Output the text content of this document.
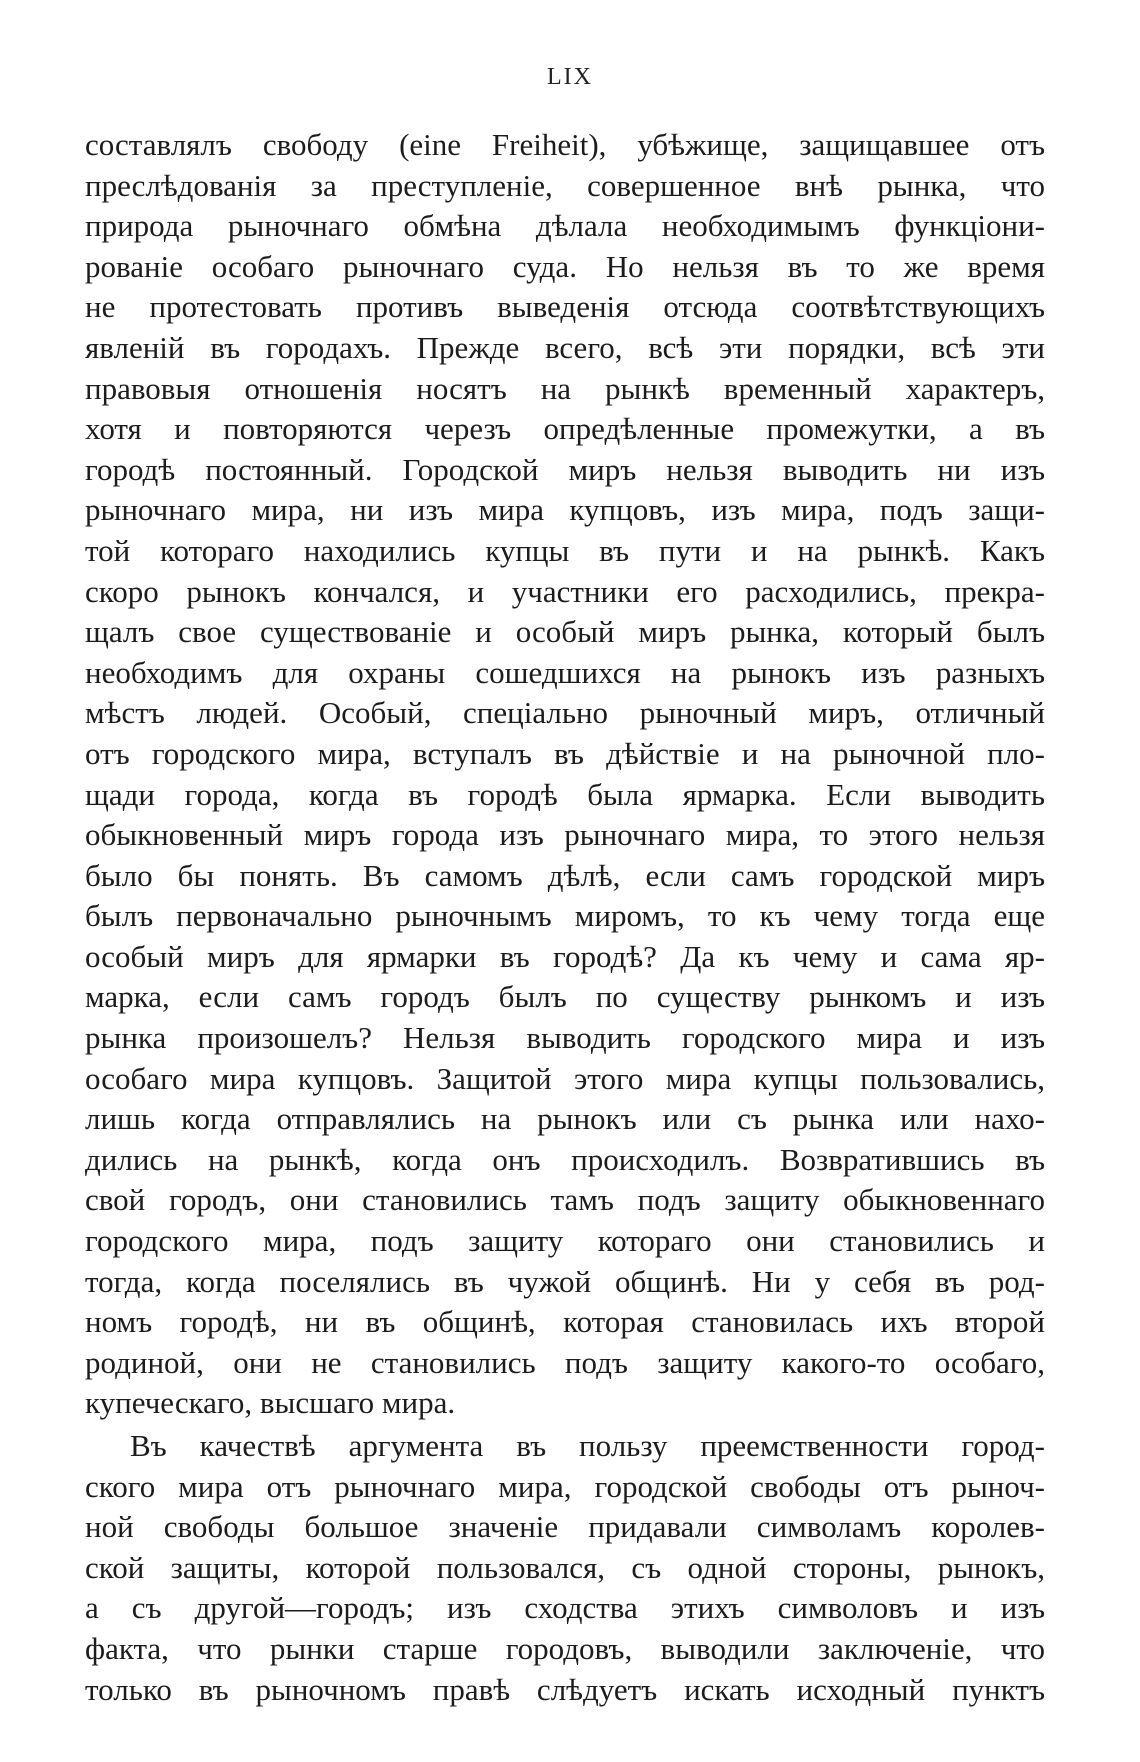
LIX
составлялъ свободу (eine Freiheit), убѣжище, защищавшее отъ
преслѣдованія за преступленіе, совершенное внѣ рынка, что
природа рыночнаго обмѣна дѣлала необходимымъ функціони-
рованіе особаго рыночнаго суда. Но нельзя въ то же время
не протестовать противъ выведенія отсюда соотвѣтствующихъ
явленій въ городахъ. Прежде всего, всѣ эти порядки, всѣ эти
правовыя отношенія носятъ на рынкѣ временный характеръ,
хотя и повторяются черезъ опредѣленные промежутки, а въ
городѣ постоянный. Городской миръ нельзя выводить ни изъ
рыночнаго мира, ни изъ мира купцовъ, изъ мира, подъ защи-
той котораго находились купцы въ пути и на рынкѣ. Какъ
скоро рынокъ кончался, и участники его расходились, прекра-
щалъ свое существованіе и особый миръ рынка, который былъ
необходимъ для охраны сошедшихся на рынокъ изъ разныхъ
мѣстъ людей. Особый, спеціально рыночный миръ, отличный
отъ городского мира, вступалъ въ дѣйствіе и на рыночной пло-
щади города, когда въ городѣ была ярмарка. Если выводить
обыкновенный миръ города изъ рыночнаго мира, то этого нельзя
было бы понять. Въ самомъ дѣлѣ, если самъ городской миръ
былъ первоначально рыночнымъ миромъ, то къ чему тогда еще
особый миръ для ярмарки въ городѣ? Да къ чему и сама яр-
марка, если самъ городъ былъ по существу рынкомъ и изъ
рынка произошелъ? Нельзя выводить городского мира и изъ
особаго мира купцовъ. Защитой этого мира купцы пользовались,
лишь когда отправлялись на рынокъ или съ рынка или нахо-
дились на рынкѣ, когда онъ происходилъ. Возвратившись въ
свой городъ, они становились тамъ подъ защиту обыкновеннаго
городского мира, подъ защиту котораго они становились и
тогда, когда поселялись въ чужой общинѣ. Ни у себя въ род-
номъ городѣ, ни въ общинѣ, которая становилась ихъ второй
родиной, они не становились подъ защиту какого-то особаго,
купеческаго, высшаго мира.
Въ качествѣ аргумента въ пользу преемственности город-
ского мира отъ рыночнаго мира, городской свободы отъ рыноч-
ной свободы большое значеніе придавали символамъ королев-
ской защиты, которой пользовался, съ одной стороны, рынокъ,
а съ другой—городъ; изъ сходства этихъ символовъ и изъ
факта, что рынки старше городовъ, выводили заключеніе, что
только въ рыночномъ правѣ слѣдуетъ искать исходный пунктъ
